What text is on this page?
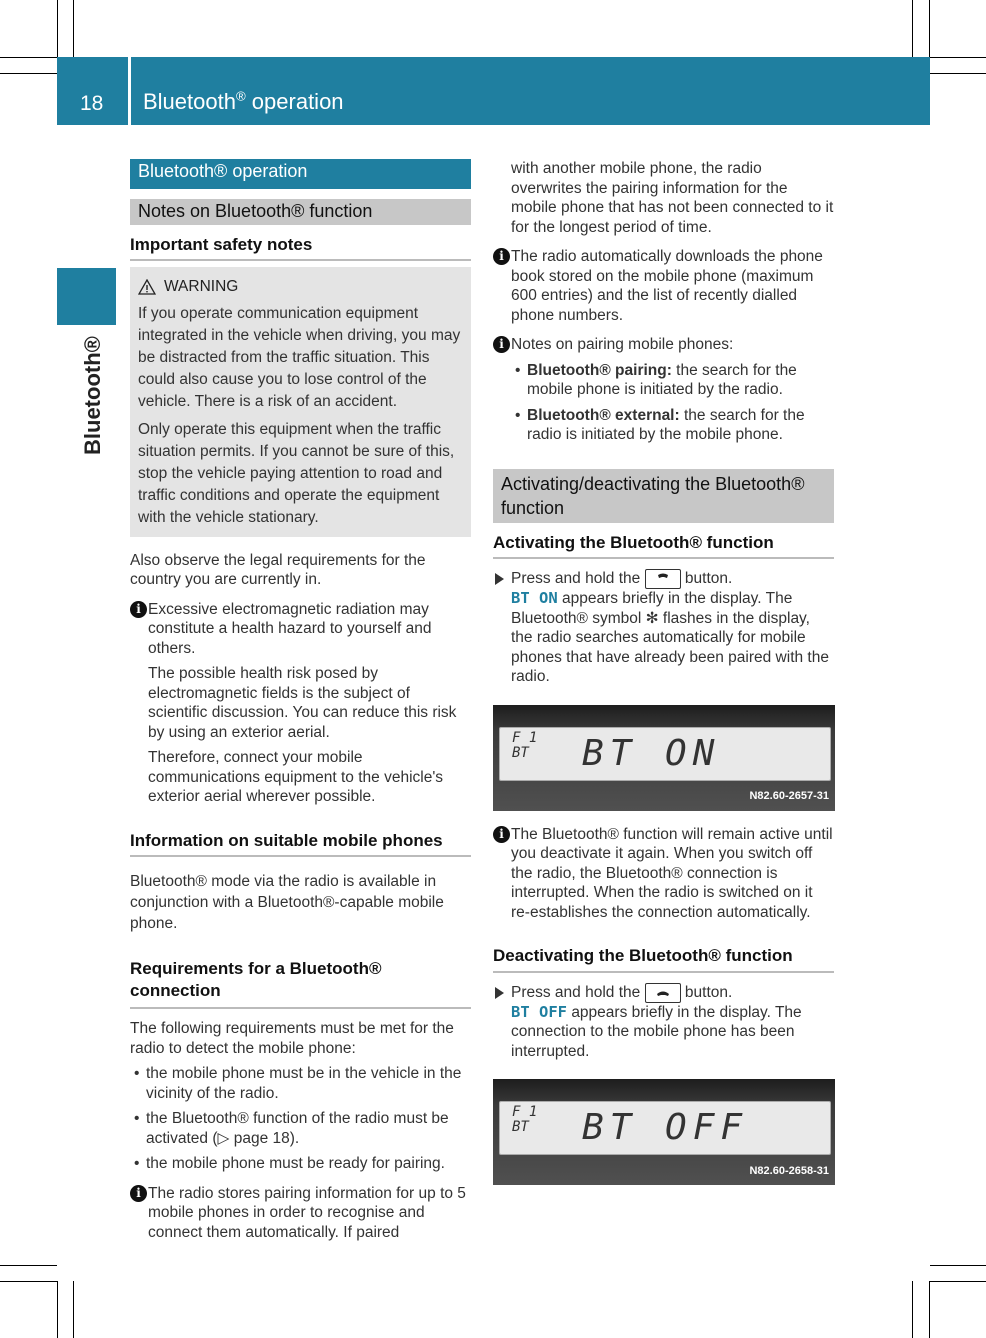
18 Bluetooth® operation
Bluetooth®
Bluetooth® operation
Notes on Bluetooth® function
Important safety notes
WARNING

If you operate communication equipment integrated in the vehicle when driving, you may be distracted from the traffic situation. This could also cause you to lose control of the vehicle. There is a risk of an accident.

Only operate this equipment when the traffic situation permits. If you cannot be sure of this, stop the vehicle paying attention to road and traffic conditions and operate the equipment with the vehicle stationary.

Also observe the legal requirements for the country you are currently in.

i Excessive electromagnetic radiation may constitute a health hazard to yourself and others.

The possible health risk posed by electromagnetic fields is the subject of scientific discussion. You can reduce this risk by using an exterior aerial.

Therefore, connect your mobile communications equipment to the vehicle's exterior aerial wherever possible.

Information on suitable mobile phones

Bluetooth® mode via the radio is available in conjunction with a Bluetooth®-capable mobile phone.

Requirements for a Bluetooth® connection

The following requirements must be met for the radio to detect the mobile phone:

• the mobile phone must be in the vehicle in the vicinity of the radio.
• the Bluetooth® function of the radio must be activated (▷ page 18).
• the mobile phone must be ready for pairing.
i The radio stores pairing information for up to 5 mobile phones in order to recognise and connect them automatically. If paired

with another mobile phone, the radio overwrites the pairing information for the mobile phone that has not been connected to it for the longest period of time.

i The radio automatically downloads the phone book stored on the mobile phone (maximum 600 entries) and the list of recently dialled phone numbers.

i Notes on pairing mobile phones:

• Bluetooth® pairing: the search for the mobile phone is initiated by the radio.
• Bluetooth® external: the search for the radio is initiated by the mobile phone.
Activating/deactivating the Bluetooth® function
Activating the Bluetooth® function
Press and hold the	button.
BT ON appears briefly in the display. The Bluetooth® symbol ✻ flashes in the display, the radio searches automatically for mobile phones that have already been paired with the radio.
F 1
BT BT ON
N82.60-2657-31
i The Bluetooth® function will remain active until you deactivate it again. When you switch off the radio, the Bluetooth® connection is interrupted. When the radio is switched on it re-establishes the connection automatically.

Deactivating the Bluetooth® function
Press and hold the	button.
BT OFF appears briefly in the display. The connection to the mobile phone has been interrupted.
F 1
BT BT OFF
N82.60-2658-31
